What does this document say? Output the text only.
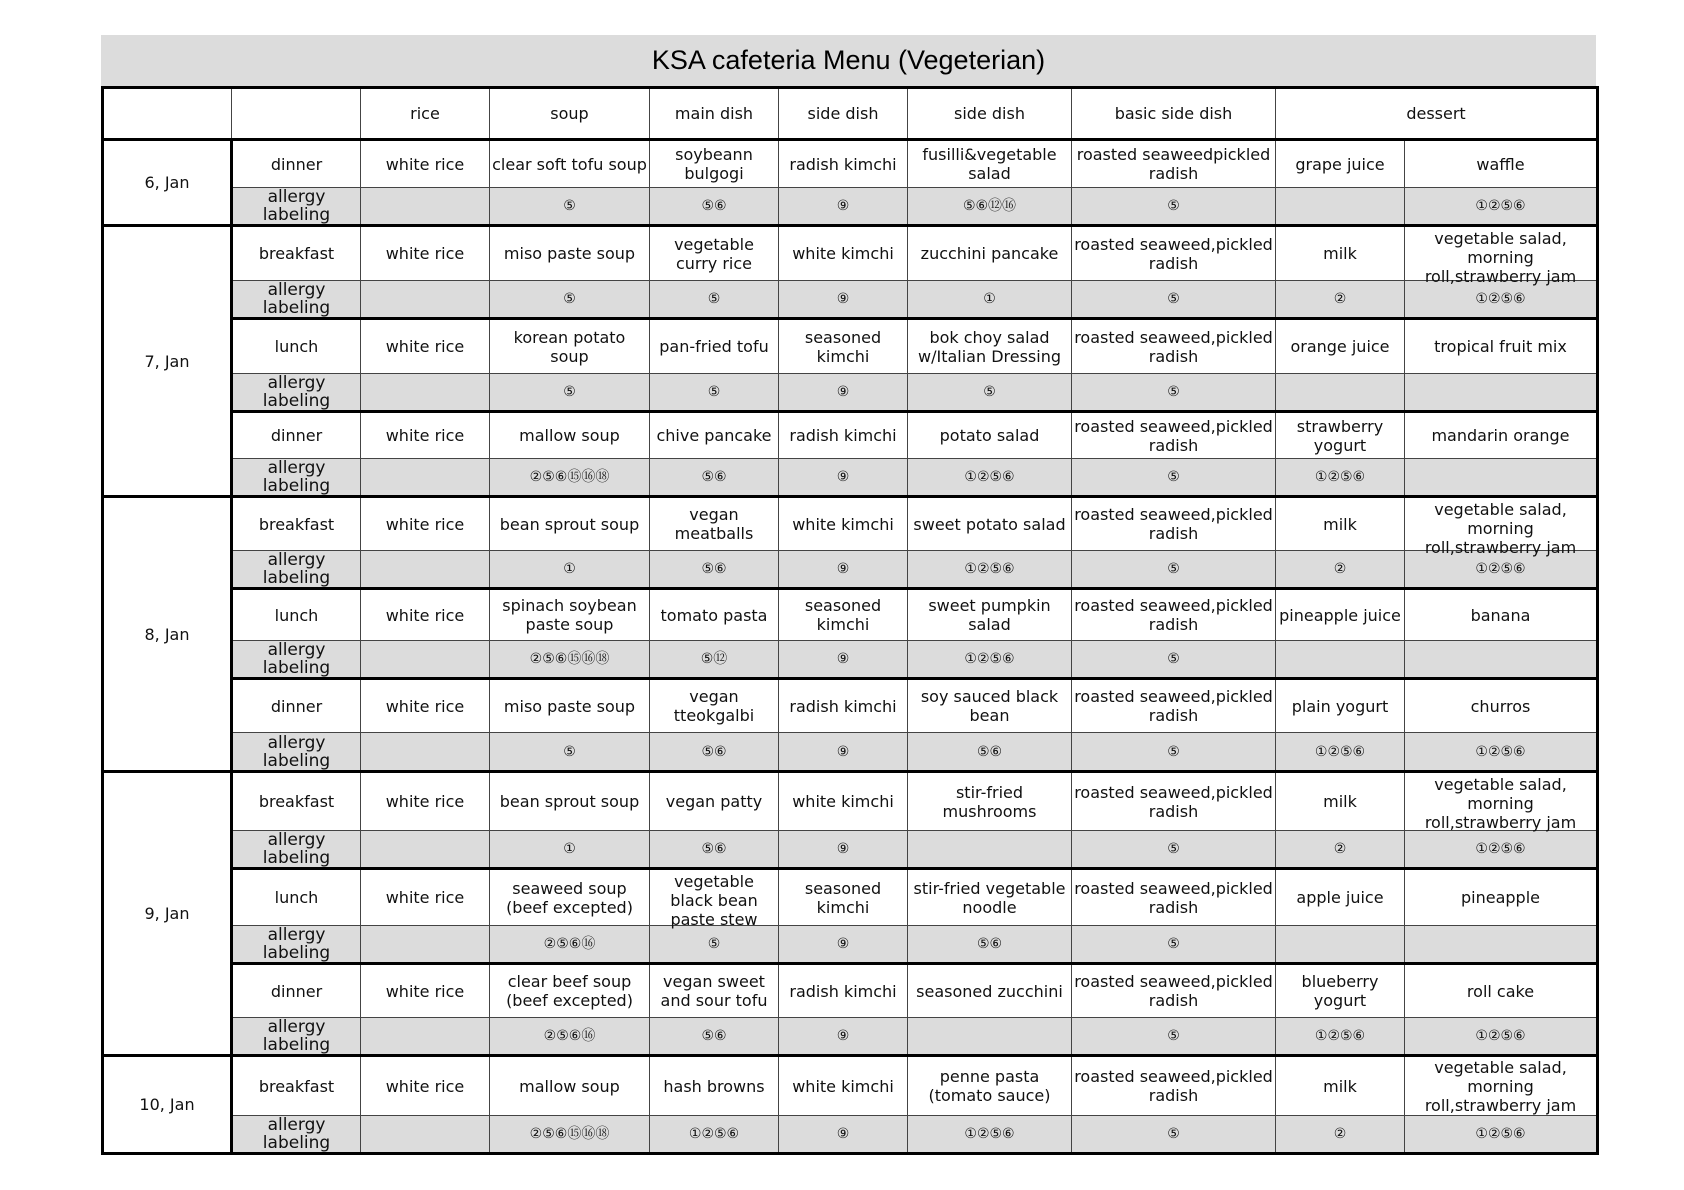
KSA cafeteria Menu (Vegeterian)
		rice	soup	main dish	side dish	side dish	basic side dish	dessert	
6, Jan	dinner	white rice	clear soft tofu soup	soybeann bulgogi	radish kimchi	fusilli&vegetable salad	roasted seaweedpickled radish	grape juice	waffle
	allergy labeling		⑤	⑤⑥	⑨	⑤⑥⑫⑯	⑤		①②⑤⑥
7, Jan	breakfast	white rice	miso paste soup	vegetable curry rice	white kimchi	zucchini pancake	roasted seaweed,pickled radish	milk	vegetable salad, morning roll,strawberry jam

	allergy labeling		⑤	⑤	⑨	①	⑤	②	①②⑤⑥
	lunch	white rice	korean potato soup	pan-fried tofu	seasoned kimchi	bok choy salad w/Italian Dressing	roasted seaweed,pickled radish	orange juice	tropical fruit mix
	allergy labeling		⑤	⑤	⑨	⑤	⑤		
	dinner	white rice	mallow soup	chive pancake	radish kimchi	potato salad	roasted seaweed,pickled radish	strawberry yogurt	mandarin orange
	allergy labeling		②⑤⑥⑮⑯⑱	⑤⑥	⑨	①②⑤⑥	⑤	①②⑤⑥	
8, Jan	breakfast	white rice	bean sprout soup	vegan meatballs	white kimchi	sweet potato salad	roasted seaweed,pickled radish	milk	vegetable salad, morning roll,strawberry jam

	allergy labeling		①	⑤⑥	⑨	①②⑤⑥	⑤	②	①②⑤⑥
	lunch	white rice	spinach soybean paste soup	tomato pasta	seasoned kimchi	sweet pumpkin salad	roasted seaweed,pickled radish	pineapple juice	banana
	allergy labeling		②⑤⑥⑮⑯⑱	⑤⑫	⑨	①②⑤⑥	⑤		
	dinner	white rice	miso paste soup	vegan tteokgalbi	radish kimchi	soy sauced black bean	roasted seaweed,pickled radish	plain yogurt	churros
	allergy labeling		⑤	⑤⑥	⑨	⑤⑥	⑤	①②⑤⑥	①②⑤⑥
9, Jan	breakfast	white rice	bean sprout soup	vegan patty	white kimchi	stir-fried mushrooms	roasted seaweed,pickled radish	milk	vegetable salad, morning roll,strawberry jam

	allergy labeling		①	⑤⑥	⑨		⑤	②	①②⑤⑥
	lunch	white rice	seaweed soup (beef excepted)	vegetable black bean paste stew	seasoned kimchi	stir-fried vegetable noodle	roasted seaweed,pickled radish	apple juice	pineapple
	allergy labeling		②⑤⑥⑯	⑤	⑨	⑤⑥	⑤		
	dinner	white rice	clear beef soup (beef excepted)	vegan sweet and sour tofu	radish kimchi	seasoned zucchini	roasted seaweed,pickled radish	blueberry yogurt	roll cake
	allergy labeling		②⑤⑥⑯	⑤⑥	⑨		⑤	①②⑤⑥	①②⑤⑥
10, Jan	breakfast	white rice	mallow soup	hash browns	white kimchi	penne pasta (tomato sauce)	roasted seaweed,pickled radish	milk	vegetable salad, morning roll,strawberry jam
	allergy labeling		②⑤⑥⑮⑯⑱	①②⑤⑥	⑨	①②⑤⑥	⑤	②	①②⑤⑥
